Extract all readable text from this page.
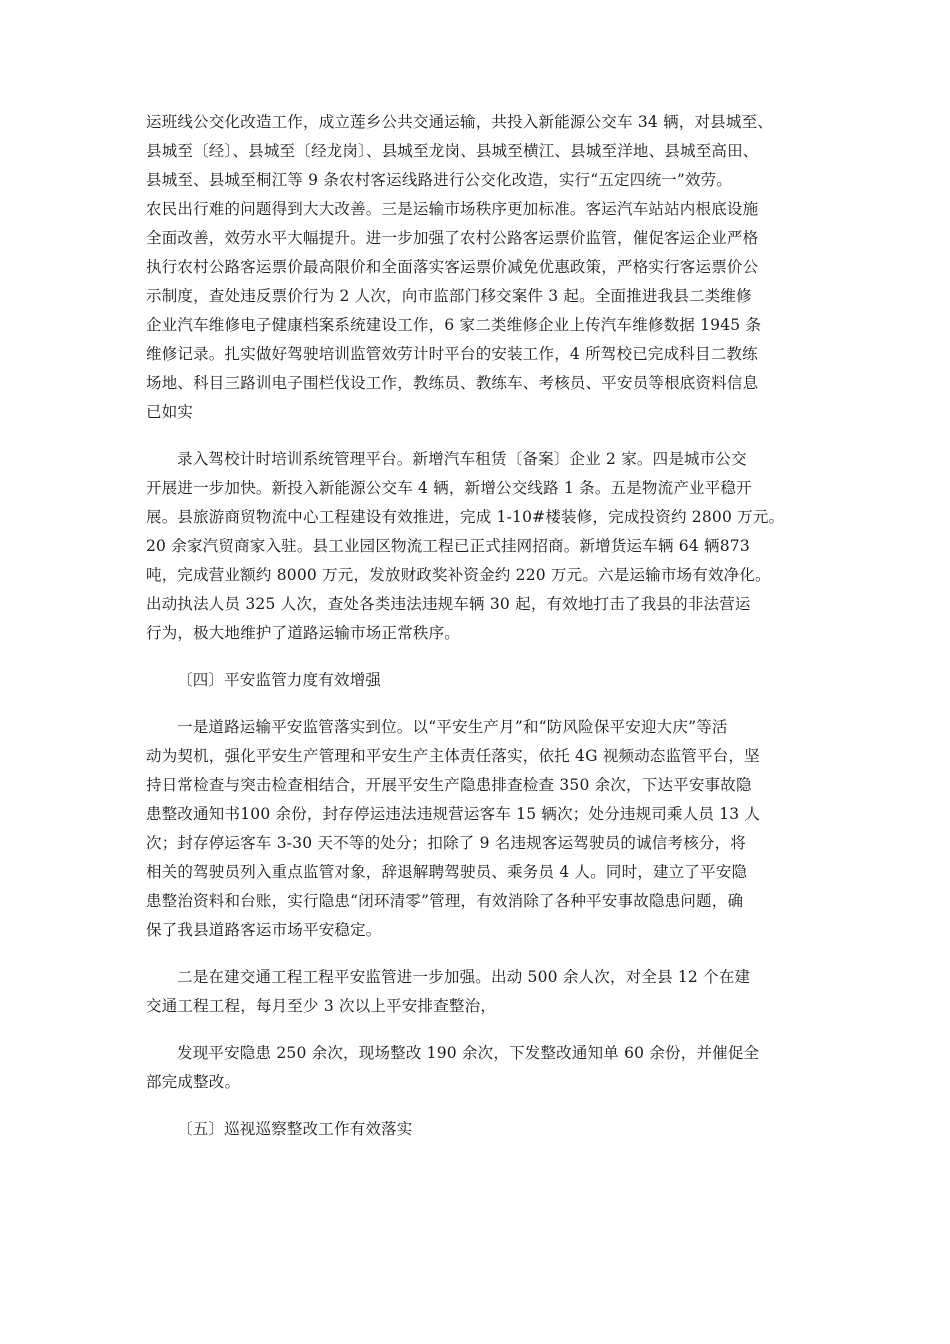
运班线公交化改造工作，成立莲乡公共交通运输，共投入新能源公交车 34 辆，对县城至、
县城至〔经〕、县城至〔经龙岗〕、县城至龙岗、县城至横江、县城至洋地、县城至高田、
县城至、县城至桐江等 9 条农村客运线路进行公交化改造，实行“五定四统一”效劳。
农民出行难的问题得到大大改善。三是运输市场秩序更加标准。客运汽车站站内根底设施
全面改善，效劳水平大幅提升。进一步加强了农村公路客运票价监管，催促客运企业严格
执行农村公路客运票价最高限价和全面落实客运票价减免优惠政策，严格实行客运票价公
示制度，查处违反票价行为 2 人次，向市监部门移交案件 3 起。全面推进我县二类维修
企业汽车维修电子健康档案系统建设工作，6 家二类维修企业上传汽车维修数据 1945 条
维修记录。扎实做好驾驶培训监管效劳计时平台的安装工作，4 所驾校已完成科目二教练
场地、科目三路训电子围栏伐设工作，教练员、教练车、考核员、平安员等根底资料信息
已如实
录入驾校计时培训系统管理平台。新增汽车租赁〔备案〕企业 2 家。四是城市公交
开展进一步加快。新投入新能源公交车 4 辆，新增公交线路 1 条。五是物流产业平稳开
展。县旅游商贸物流中心工程建设有效推进，完成 1-10#楼装修，完成投资约 2800 万元。
20 余家汽贸商家入驻。县工业园区物流工程已正式挂网招商。新增货运车辆 64 辆873
吨，完成营业额约 8000 万元，发放财政奖补资金约 220 万元。六是运输市场有效净化。
出动执法人员 325 人次，查处各类违法违规车辆 30 起，有效地打击了我县的非法营运
行为，极大地维护了道路运输市场正常秩序。
〔四〕平安监管力度有效增强
一是道路运输平安监管落实到位。以“平安生产月”和“防风险保平安迎大庆”等活
动为契机，强化平安生产管理和平安生产主体责任落实，依托 4G 视频动态监管平台，坚
持日常检查与突击检查相结合，开展平安生产隐患排查检查 350 余次，下达平安事故隐
患整改通知书100 余份，封存停运违法违规营运客车 15 辆次；处分违规司乘人员 13 人
次；封存停运客车 3-30 天不等的处分；扣除了 9 名违规客运驾驶员的诚信考核分，将
相关的驾驶员列入重点监管对象，辞退解聘驾驶员、乘务员 4 人。同时，建立了平安隐
患整治资料和台账，实行隐患“闭环清零”管理，有效消除了各种平安事故隐患问题，确
保了我县道路客运市场平安稳定。
二是在建交通工程工程平安监管进一步加强。出动 500 余人次，对全县 12 个在建
交通工程工程，每月至少 3 次以上平安排查整治，
发现平安隐患 250 余次，现场整改 190 余次，下发整改通知单 60 余份，并催促全
部完成整改。
〔五〕巡视巡察整改工作有效落实
